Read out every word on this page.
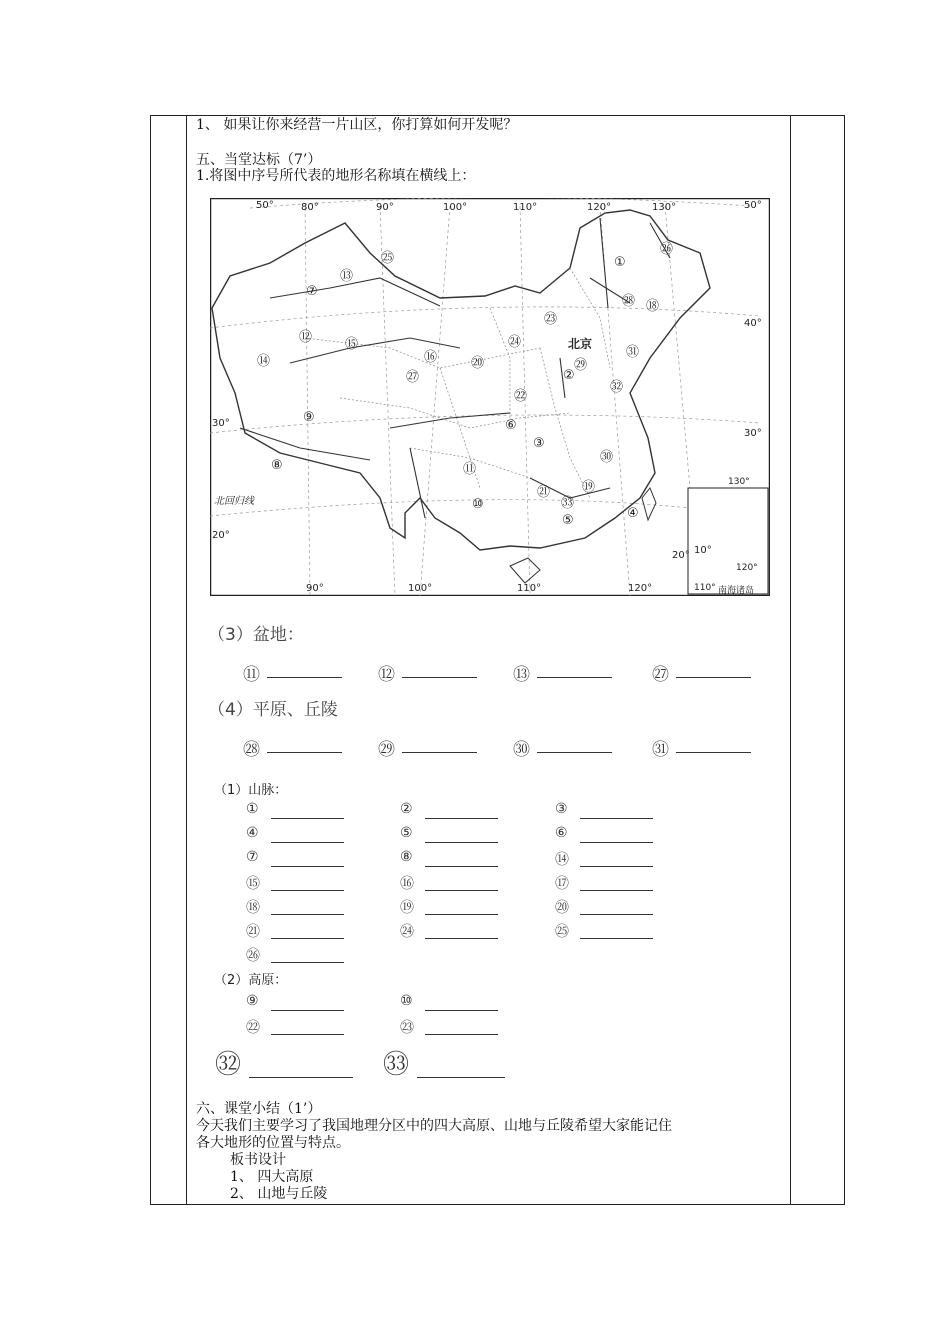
1、 如果让你来经营一片山区，你打算如何开发呢？
五、当堂达标（7’）
1.将图中序号所代表的地形名称填在横线上：
50°	50°
40°
30°
30°
20°
20° 10°
80°	90°	100°	110°	120°	130°
90°	100°	110°	120°
北京
北回归线
南海诸岛
110°
120°
130°
⑬
㉕
⑦
⑫	⑮
⑯
⑭
㉗
⑨
⑧
①
㉖
㉘ ⑱
㉓
㉔
㉒
㉙
㉛
⑳
②
㉜
⑥
③
⑪
⑩
㉚
㉑ ⑲
㉝
⑤	④
（3）盆地：
⑪	⑫	⑬	㉗
（4）平原、丘陵
㉘	㉙	㉚	㉛
（1）山脉：
①	②	③
④	⑤	⑥
⑦	⑧	⑭
⑮	⑯	⑰
⑱	⑲	⑳
㉑	㉔	㉕
㉖
（2）高原：
⑨	⑩
㉒	㉓
㉜	㉝
六、课堂小结（1’）
今天我们主要学习了我国地理分区中的四大高原、山地与丘陵希望大家能记住
各大地形的位置与特点。
板书设计
1、 四大高原
2、 山地与丘陵
